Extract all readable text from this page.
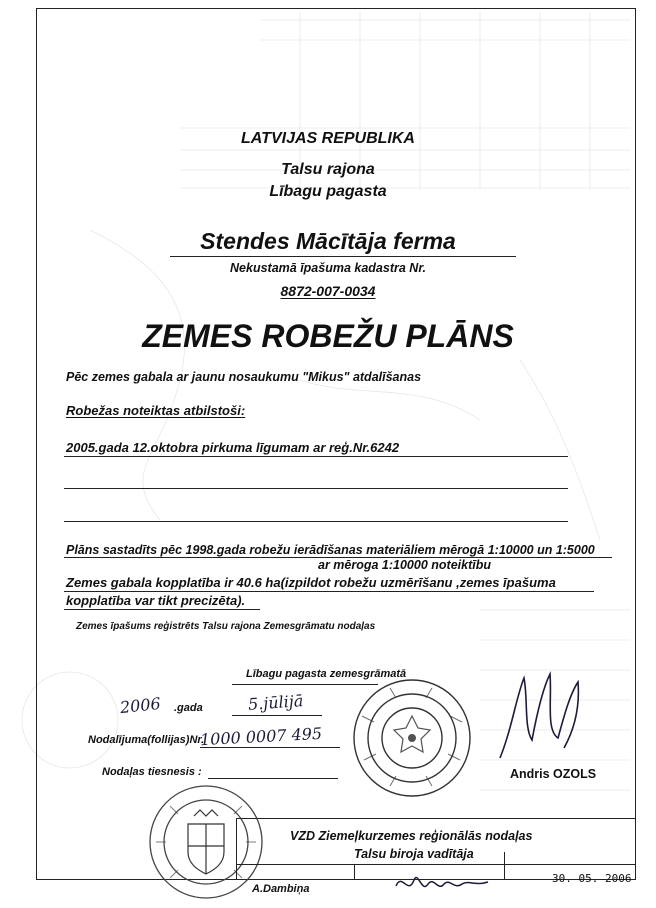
LATVIJAS REPUBLIKA
Talsu rajona
Lībagu pagasta
Stendes Mācītāja ferma
Nekustamā īpašuma kadastra Nr.
8872-007-0034
ZEMES ROBEŽU PLĀNS
Pēc zemes gabala ar jaunu nosaukumu "Mikus" atdalīšanas
Robežas noteiktas atbilstoši:
2005.gada 12.oktobra pirkuma līgumam ar reģ.Nr.6242
Plāns sastadīts pēc 1998.gada robežu ierādīšanas materiāliem mērogā 1:10000 un 1:5000
ar mēroga 1:10000 noteiktību
Zemes gabala kopplatība ir 40.6 ha(izpildot robežu uzmērīšanu ,zemes īpašuma
kopplatība var tikt precizēta).
Zemes īpašums reģistrēts Talsu rajona Zemesgrāmatu nodaļas
Lībagu pagasta zemesgrāmatā
2006 .gada	5.jūlijā
Nodalījuma(follijas)Nr.
1000 0007 495
Nodaļas tiesnesis :	Andris OZOLS
VZD Ziemeļkurzemes reģionālās nodaļas
Talsu biroja vadītāja
A.Dambiņa
30. 05. 2006
